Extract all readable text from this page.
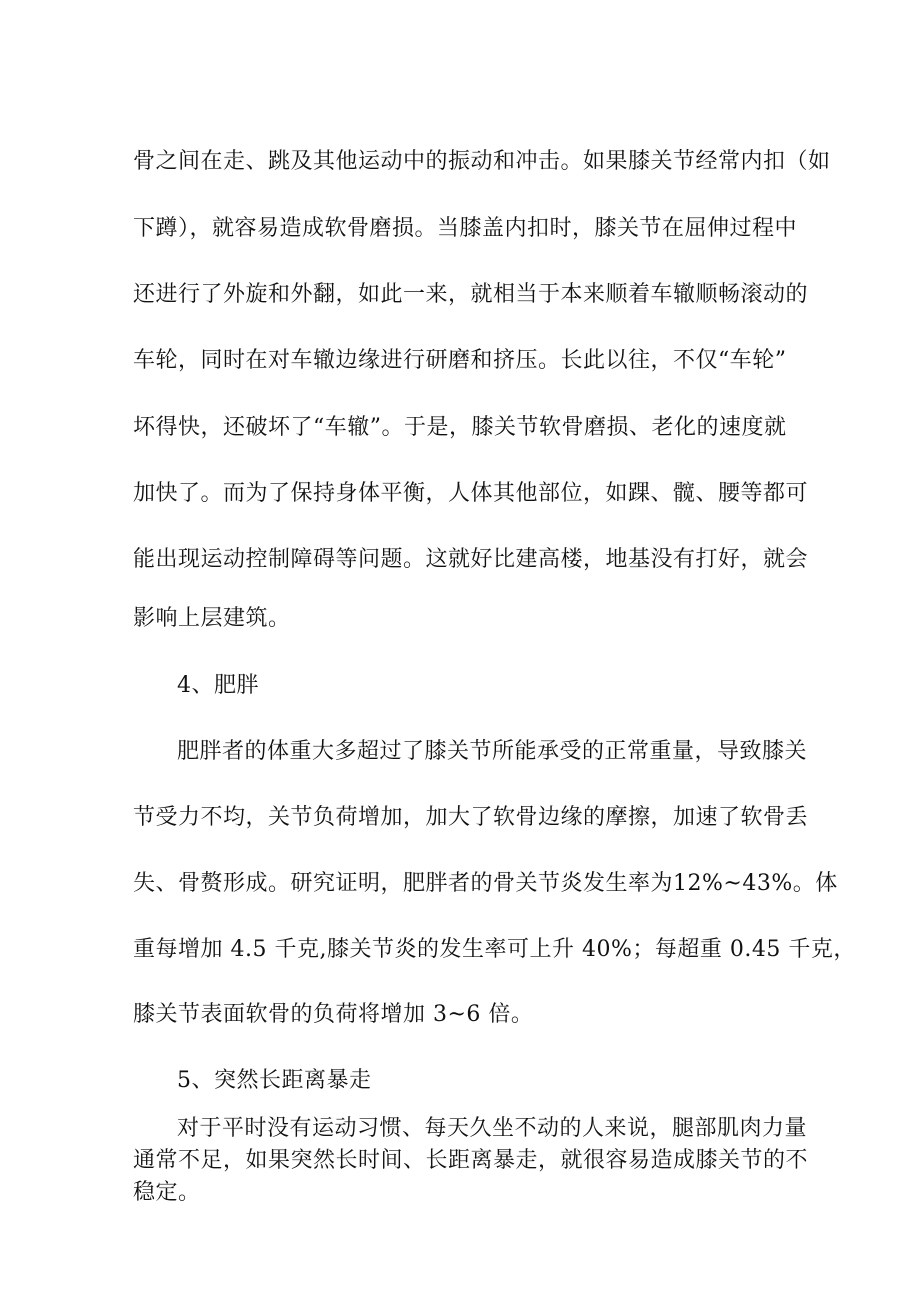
骨之间在走、跳及其他运动中的振动和冲击。如果膝关节经常内扣（如
下蹲），就容易造成软骨磨损。当膝盖内扣时，膝关节在屈伸过程中
还进行了外旋和外翻，如此一来，就相当于本来顺着车辙顺畅滚动的
车轮，同时在对车辙边缘进行研磨和挤压。长此以往，不仅“车轮”
坏得快，还破坏了“车辙”。于是，膝关节软骨磨损、老化的速度就
加快了。而为了保持身体平衡，人体其他部位，如踝、髋、腰等都可
能出现运动控制障碍等问题。这就好比建高楼，地基没有打好，就会
影响上层建筑。
4、肥胖
肥胖者的体重大多超过了膝关节所能承受的正常重量，导致膝关
节受力不均，关节负荷增加，加大了软骨边缘的摩擦，加速了软骨丢
失、骨赘形成。研究证明，肥胖者的骨关节炎发生率为12%~43%。体
重每增加 4.5 千克,膝关节炎的发生率可上升 40%；每超重 0.45 千克，
膝关节表面软骨的负荷将增加 3~6 倍。
5、突然长距离暴走
对于平时没有运动习惯、每天久坐不动的人来说，腿部肌肉力量
通常不足，如果突然长时间、长距离暴走，就很容易造成膝关节的不
稳定。
